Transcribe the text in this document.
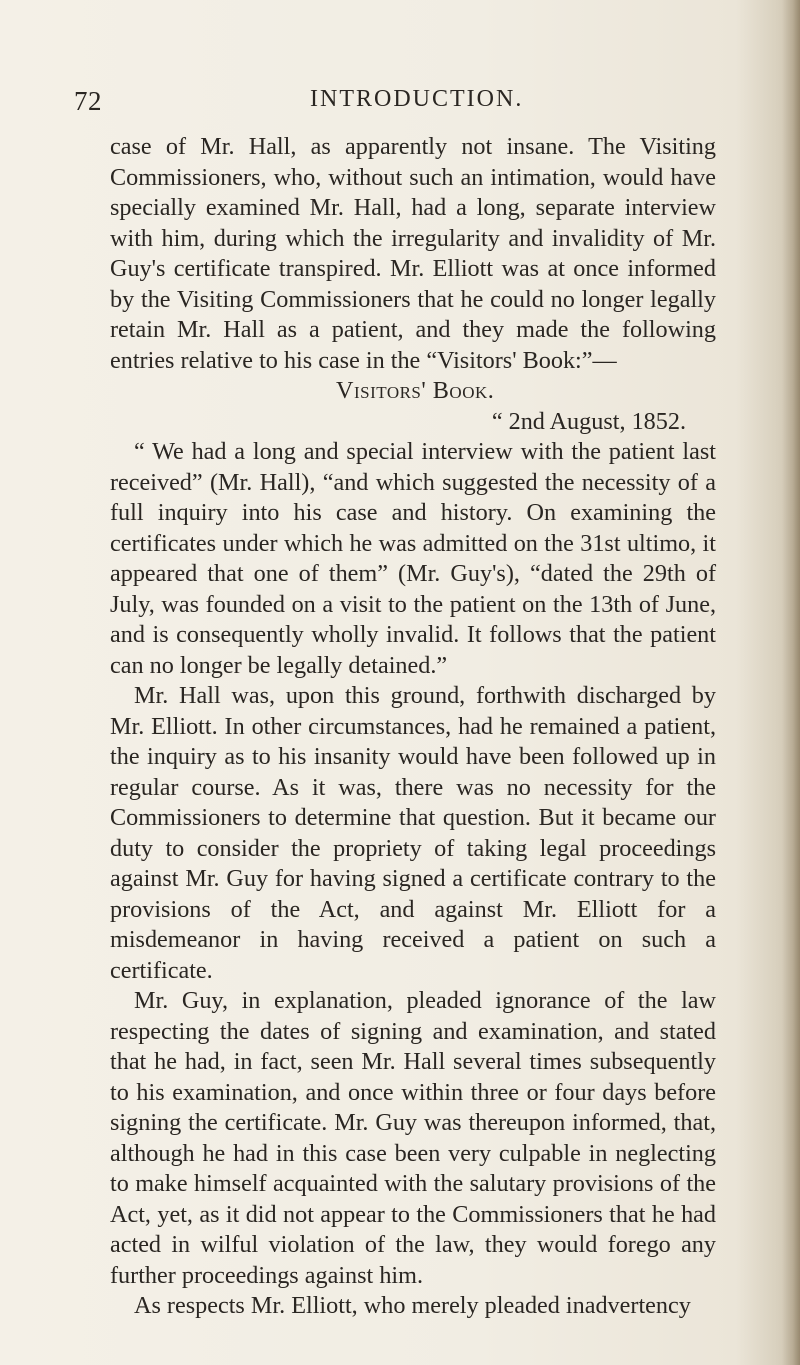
72	INTRODUCTION.

case of Mr. Hall, as apparently not insane. The Visiting Commissioners, who, without such an intimation, would have specially examined Mr. Hall, had a long, separate interview with him, during which the irregularity and invalidity of Mr. Guy's certificate transpired. Mr. Elliott was at once informed by the Visiting Commissioners that he could no longer legally retain Mr. Hall as a patient, and they made the following entries relative to his case in the “Visitors' Book:”—

Visitors' Book.

“ 2nd August, 1852.

“ We had a long and special interview with the patient last received” (Mr. Hall), “and which suggested the necessity of a full inquiry into his case and history. On examining the certificates under which he was admitted on the 31st ultimo, it appeared that one of them” (Mr. Guy's), “dated the 29th of July, was founded on a visit to the patient on the 13th of June, and is consequently wholly invalid. It follows that the patient can no longer be legally detained.”

Mr. Hall was, upon this ground, forthwith discharged by Mr. Elliott. In other circumstances, had he remained a patient, the inquiry as to his insanity would have been followed up in regular course. As it was, there was no necessity for the Commissioners to determine that question. But it became our duty to consider the propriety of taking legal proceedings against Mr. Guy for having signed a certificate contrary to the provisions of the Act, and against Mr. Elliott for a misdemeanor in having received a patient on such a certificate.

Mr. Guy, in explanation, pleaded ignorance of the law respecting the dates of signing and examination, and stated that he had, in fact, seen Mr. Hall several times subsequently to his examination, and once within three or four days before signing the certificate. Mr. Guy was thereupon informed, that, although he had in this case been very culpable in neglecting to make himself acquainted with the salutary provisions of the Act, yet, as it did not appear to the Commissioners that he had acted in wilful violation of the law, they would forego any further proceedings against him.

As respects Mr. Elliott, who merely pleaded inadvertency
